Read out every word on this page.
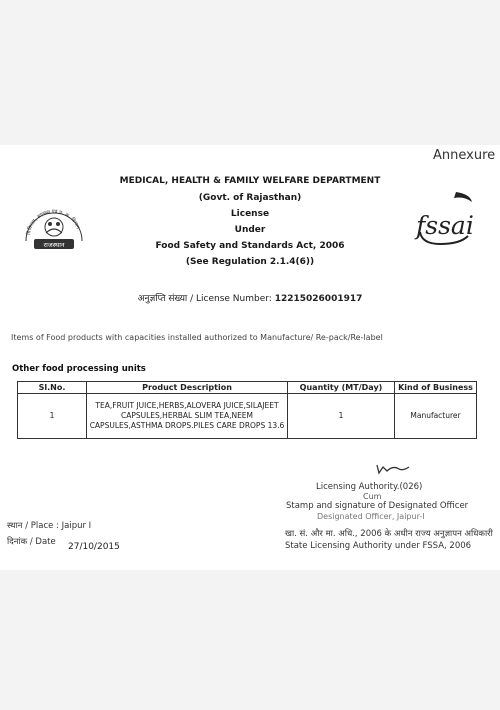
Annexure
चिकित्सा, स्वास्थ्य एवं प. क. विभाग
राजस्थान
fssai
MEDICAL, HEALTH & FAMILY WELFARE DEPARTMENT
(Govt. of Rajasthan)
License
Under
Food Safety and Standards Act, 2006
(See Regulation 2.1.4(6))
अनुज्ञप्ति संख्या / License Number: 12215026001917
Items of Food products with capacities installed authorized to Manufacture/ Re-pack/Re-label
Other food processing units
Sl.No.	Product Description	Quantity (MT/Day)	Kind of Business
1	TEA,FRUIT JUICE,HERBS,ALOVERA JUICE,SILAJEET CAPSULES,HERBAL SLIM TEA,NEEM CAPSULES,ASTHMA DROPS.PILES CARE DROPS 13.6	1	Manufacturer
Licensing Authority.(026)
Cum
Stamp and signature of Designated Officer
Designated Officer, Jaipur-I
स्थान / Place : Jaipur I
दिनांक / Date 27/10/2015
खा. सं. और मा. अधि., 2006 के अधीन राज्य अनुज्ञापन अधिकारी
State Licensing Authority under FSSA, 2006
